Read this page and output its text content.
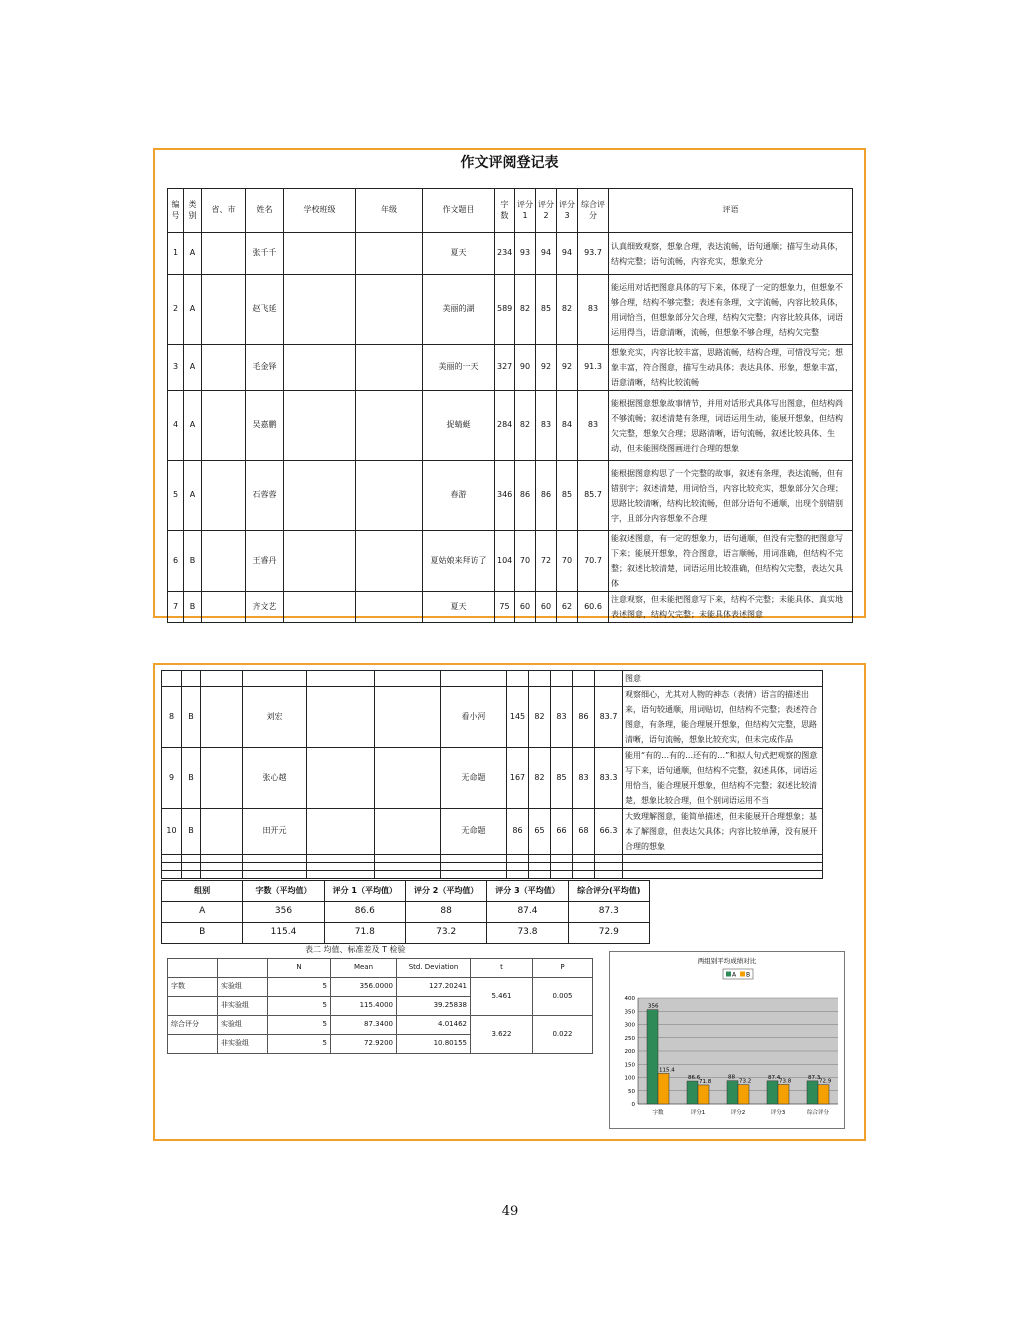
作文评阅登记表
编号	类别	省、市	姓名	学校班级	年级	作文题目	字数	评分1	评分2	评分3	综合评分	评语
1	A		张千千			夏天	234	93	94	94	93.7	认真细致观察，想象合理，表达流畅，语句通顺；描写生动具体，结构完整；语句流畅，内容充实，想象充分
2	A		赵飞延			美丽的湖	589	82	85	82	83	能运用对话把图意具体的写下来，体现了一定的想象力，但想象不够合理，结构不够完整；表述有条理，文字流畅，内容比较具体，用词恰当，但想象部分欠合理，结构欠完整；内容比较具体，词语运用得当，语意清晰，流畅，但想象不够合理，结构欠完整
3	A		毛金铎			美丽的一天	327	90	92	92	91.3	想象充实，内容比较丰富，思路流畅，结构合理，可惜没写完；想象丰富，符合图意，描写生动具体；表达具体、形象，想象丰富，语意清晰，结构比较流畅
4	A		吴嘉鹏			捉蜻蜓	284	82	83	84	83	能根据图意想象故事情节，并用对话形式具体写出图意，但结构尚不够流畅；叙述清楚有条理，词语运用生动，能展开想象，但结构欠完整，想象欠合理；思路清晰，语句流畅，叙述比较具体、生动，但未能围绕图画进行合理的想象
5	A		石蓉蓉			春游	346	86	86	85	85.7	能根据图意构思了一个完整的故事，叙述有条理，表达流畅，但有错别字；叙述清楚，用词恰当，内容比较充实，想象部分欠合理；思路比较清晰，结构比较流畅，但部分语句不通顺，出现个别错别字，且部分内容想象不合理
6	B		王睿丹			夏姑娘来拜访了	104	70	72	70	70.7	能叙述图意，有一定的想象力，语句通顺，但没有完整的把图意写下来；能展开想象，符合图意，语言顺畅，用词准确，但结构不完整；叙述比较清楚，词语运用比较准确，但结构欠完整，表达欠具体
7	B		齐文艺			夏天	75	60	60	62	60.6	注意观察，但未能把图意写下来，结构不完整；未能具体、真实地表述图意，结构欠完整；未能具体表述图意
												图意
8	B		刘宏			看小河	145	82	83	86	83.7	观察细心，尤其对人物的神态（表情）语言的描述出来，语句较通顺，用词贴切，但结构不完整；表述符合图意，有条理，能合理展开想象，但结构欠完整，思路清晰，语句流畅，想象比较充实，但未完成作品
9	B		张心越			无命题	167	82	85	83	83.3	能用“有的…有的…还有的…”和拟人句式把观察的图意写下来，语句通顺，但结构不完整，叙述具体，词语运用恰当，能合理展开想象，但结构不完整；叙述比较清楚，想象比较合理，但个别词语运用不当
10	B		田开元			无命题	86	65	66	68	66.3	大致理解图意，能简单描述，但未能展开合理想象；基本了解图意，但表达欠具体；内容比较单薄，没有展开合理的想象

组别	字数（平均值）	评分 1（平均值）	评分 2（平均值）	评分 3（平均值）	综合评分(平均值)
A	356	86.6	88	87.4	87.3
B	115.4	71.8	73.2	73.8	72.9
表二 均值、标准差及 T 检验
		N	Mean	Std. Deviation	t	P
字数	实验组	5	356.0000	127.20241	5.461	0.005
	非实验组	5	115.4000	39.25838		
综合评分	实验组	5	87.3400	4.01462	3.622	0.022
	非实验组	5	72.9200	10.80155		
两组别平均成绩对比
A B
0
50
100
150
200
250
300
350
400
356
115.4
字数
86.6
71.8
评分1
88
73.2
评分2
87.4
73.8
评分3
87.3
72.9
综合评分
49
